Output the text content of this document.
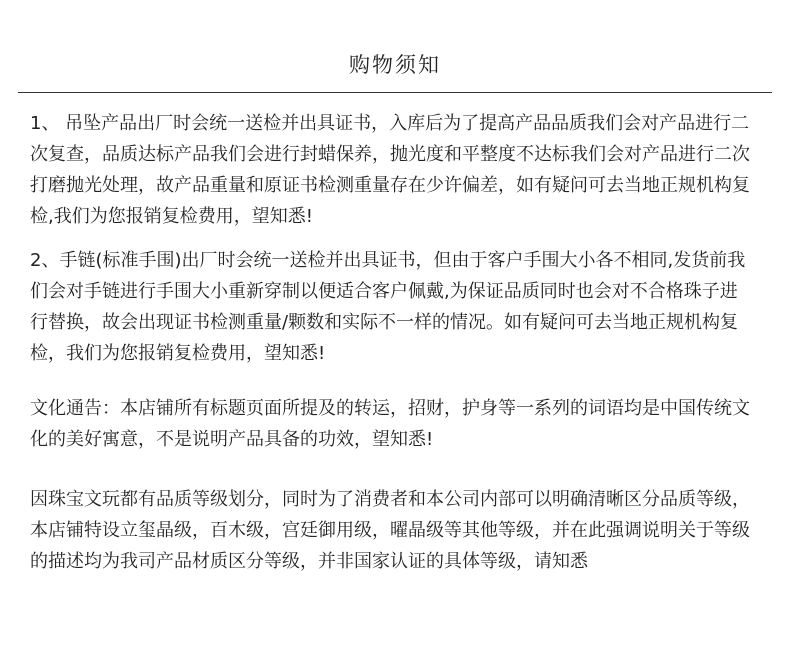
购物须知

1、 吊坠产品出厂时会统一送检并出具证书，入库后为了提高产品品质我们会对产品进行二次复查，品质达标产品我们会进行封蜡保养，抛光度和平整度不达标我们会对产品进行二次打磨抛光处理，故产品重量和原证书检测重量存在少许偏差，如有疑问可去当地正规机构复检,我们为您报销复检费用，望知悉!

2、手链(标准手围)出厂时会统一送检并出具证书，但由于客户手围大小各不相同,发货前我们会对手链进行手围大小重新穿制以便适合客户佩戴,为保证品质同时也会对不合格珠子进行替换，故会出现证书检测重量/颗数和实际不一样的情况。如有疑问可去当地正规机构复检，我们为您报销复检费用，望知悉!

文化通告：本店铺所有标题页面所提及的转运，招财，护身等一系列的词语均是中国传统文化的美好寓意，不是说明产品具备的功效，望知悉!

因珠宝文玩都有品质等级划分，同时为了消费者和本公司内部可以明确清晰区分品质等级，本店铺特设立玺晶级，百木级，宫廷御用级，曜晶级等其他等级，并在此强调说明关于等级的描述均为我司产品材质区分等级，并非国家认证的具体等级，请知悉
